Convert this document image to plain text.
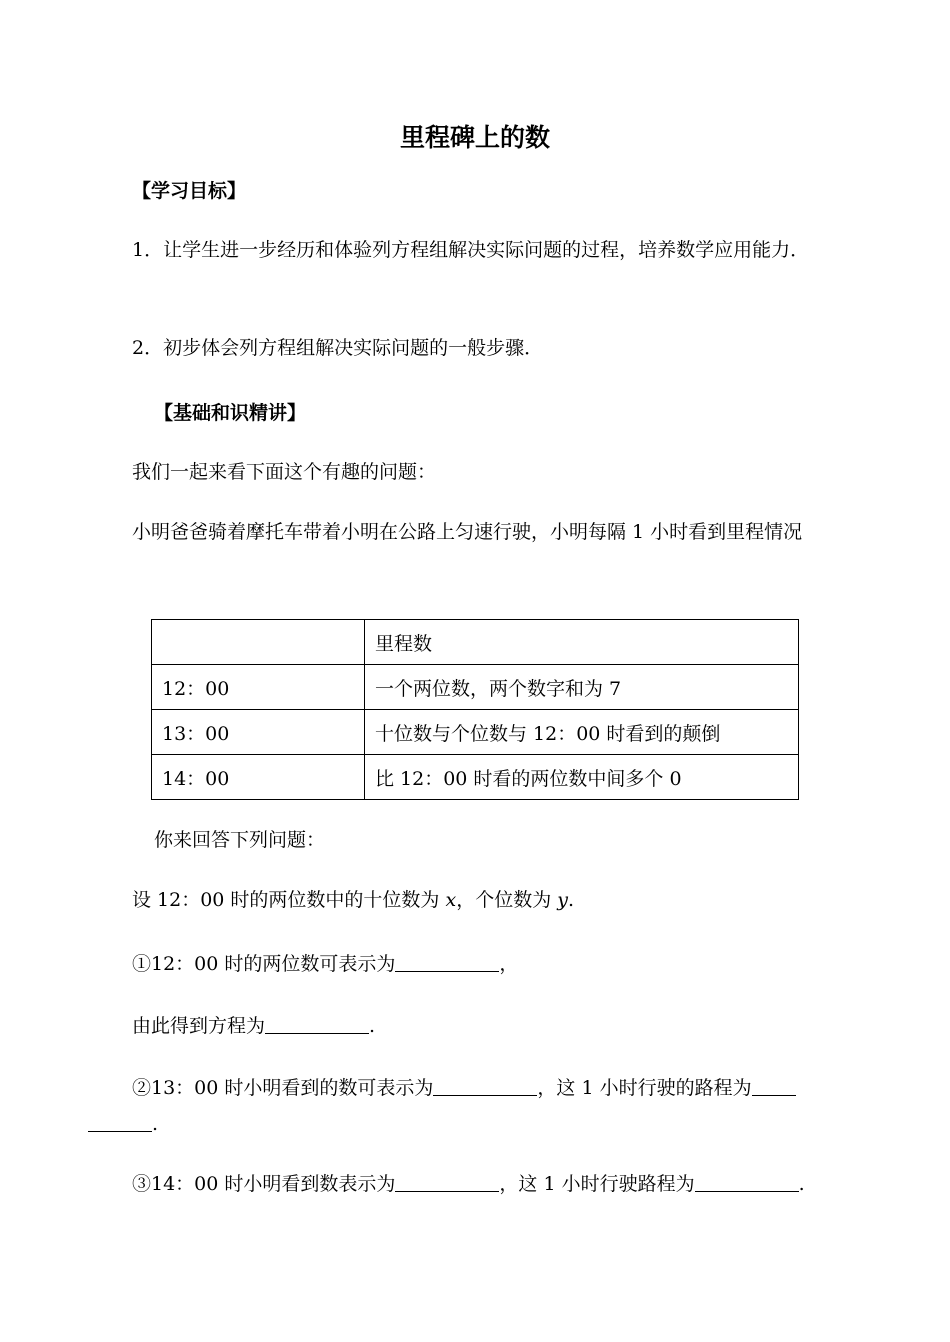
里程碑上的数
【学习目标】
1．让学生进一步经历和体验列方程组解决实际问题的过程，培养数学应用能力．
2．初步体会列方程组解决实际问题的一般步骤．
【基础和识精讲】
我们一起来看下面这个有趣的问题：
小明爸爸骑着摩托车带着小明在公路上匀速行驶，小明每隔 1 小时看到里程情况
	里程数
12：00	一个两位数，两个数字和为 7
13：00	十位数与个位数与 12：00 时看到的颠倒
14：00	比 12：00 时看的两位数中间多个 0
你来回答下列问题：
设 12：00 时的两位数中的十位数为 x，个位数为 y.
①12：00 时的两位数可表示为	，
由此得到方程为	.
②13：00 时小明看到的数可表示为	，这 1 小时行驶的路程为
.
③14：00 时小明看到数表示为	，这 1 小时行驶路程为	.
